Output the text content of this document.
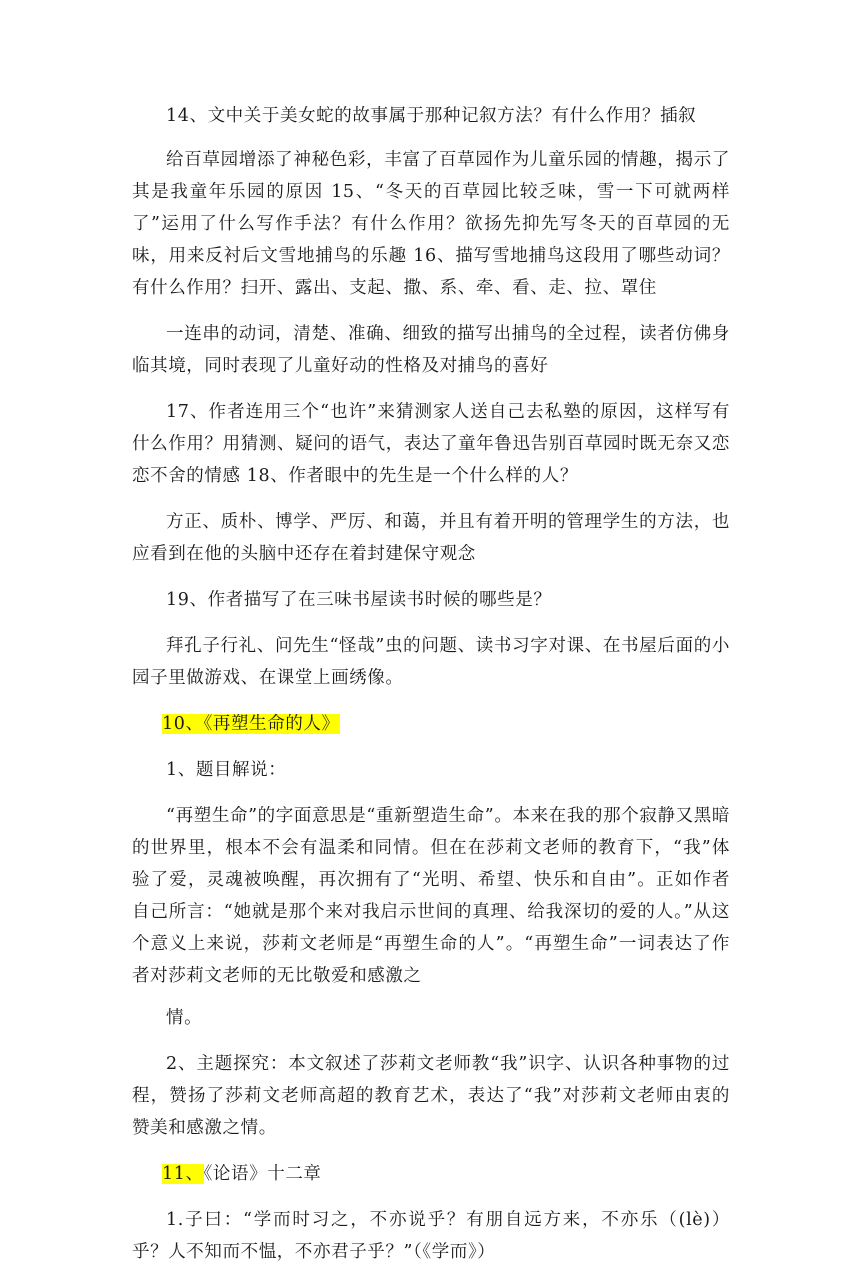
14、文中关于美女蛇的故事属于那种记叙方法？有什么作用？插叙

给百草园增添了神秘色彩，丰富了百草园作为儿童乐园的情趣，揭示了其是我童年乐园的原因 15、“冬天的百草园比较乏味，雪一下可就两样了”运用了什么写作手法？有什么作用？欲扬先抑先写冬天的百草园的无味，用来反衬后文雪地捕鸟的乐趣 16、描写雪地捕鸟这段用了哪些动词？有什么作用？扫开、露出、支起、撒、系、牵、看、走、拉、罩住

一连串的动词，清楚、准确、细致的描写出捕鸟的全过程，读者仿佛身临其境，同时表现了儿童好动的性格及对捕鸟的喜好

17、作者连用三个“也许”来猜测家人送自己去私塾的原因，这样写有什么作用？用猜测、疑问的语气，表达了童年鲁迅告别百草园时既无奈又恋恋不舍的情感 18、作者眼中的先生是一个什么样的人？

方正、质朴、博学、严厉、和蔼，并且有着开明的管理学生的方法，也应看到在他的头脑中还存在着封建保守观念

19、作者描写了在三味书屋读书时候的哪些是？

拜孔子行礼、问先生“怪哉”虫的问题、读书习字对课、在书屋后面的小园子里做游戏、在课堂上画绣像。

10、《再塑生命的人》

1、题目解说：

“再塑生命”的字面意思是“重新塑造生命”。本来在我的那个寂静又黑暗的世界里，根本不会有温柔和同情。但在在莎莉文老师的教育下，“我”体验了爱，灵魂被唤醒，再次拥有了“光明、希望、快乐和自由”。正如作者自己所言：“她就是那个来对我启示世间的真理、给我深切的爱的人。”从这个意义上来说，莎莉文老师是“再塑生命的人”。“再塑生命”一词表达了作者对莎莉文老师的无比敬爱和感激之

情。

2、主题探究：本文叙述了莎莉文老师教“我”识字、认识各种事物的过程，赞扬了莎莉文老师高超的教育艺术，表达了“我”对莎莉文老师由衷的赞美和感激之情。

11、《论语》十二章

1.子曰：“学而时习之，不亦说乎？有朋自远方来，不亦乐（(lè)）乎？人不知而不愠，不亦君子乎？”（《学而》）
